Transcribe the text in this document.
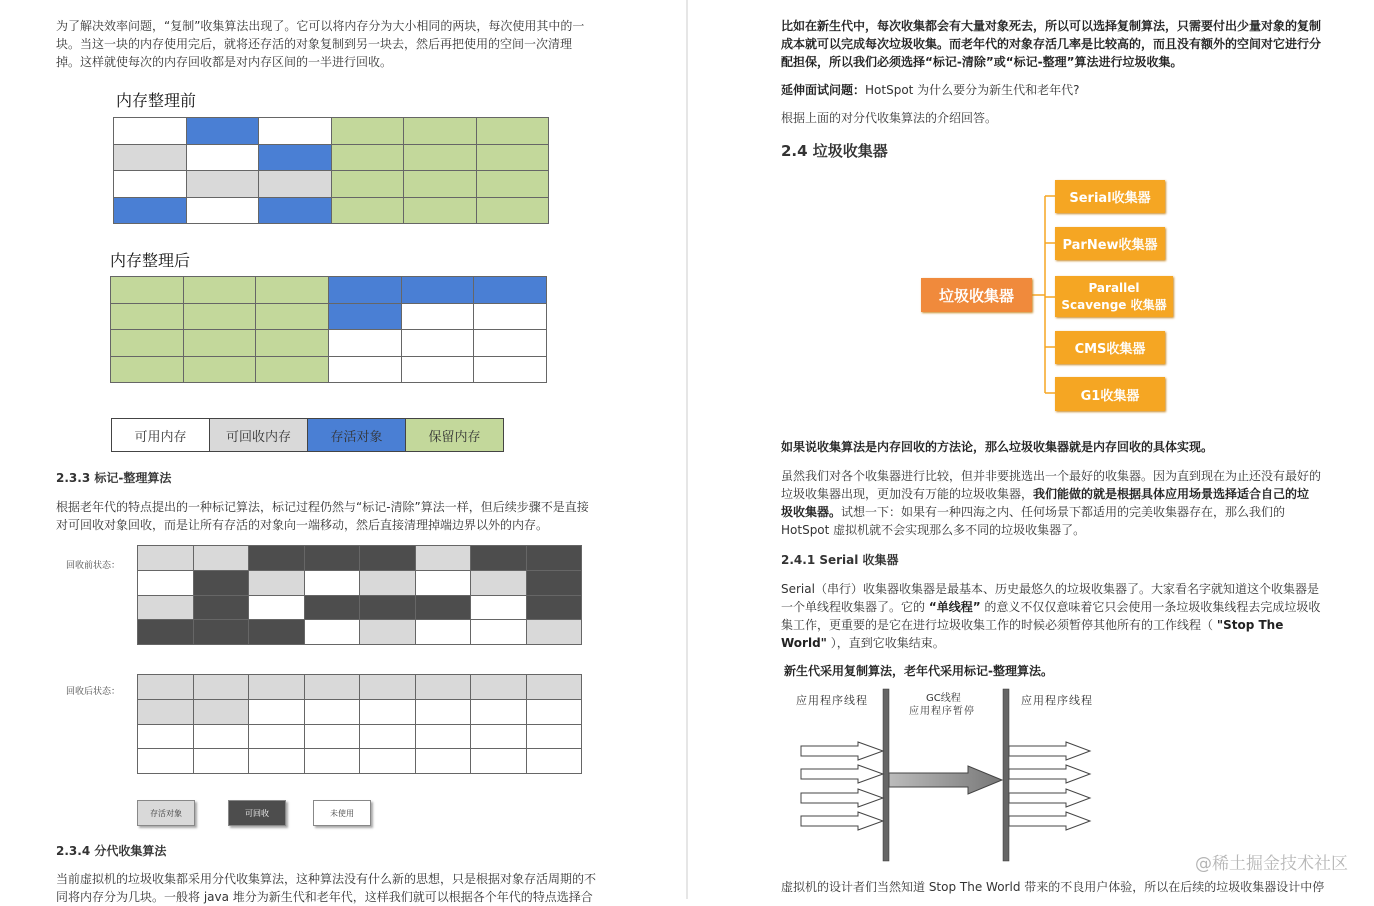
为了解决效率问题，“复制”收集算法出现了。它可以将内存分为大小相同的两块，每次使用其中的一块。当这一块的内存使用完后，就将还存活的对象复制到另一块去，然后再把使用的空间一次清理掉。这样就使每次的内存回收都是对内存区间的一半进行回收。

内存整理前

内存整理后

可用内存	可回收内存	存活对象	保留内存
2.3.3 标记-整理算法

根据老年代的特点提出的一种标记算法，标记过程仍然与“标记-清除”算法一样，但后续步骤不是直接对可回收对象回收，而是让所有存活的对象向一端移动，然后直接清理掉端边界以外的内存。

回收前状态：

回收后状态：

存活对象	可回收	未使用
2.3.4 分代收集算法

当前虚拟机的垃圾收集都采用分代收集算法，这种算法没有什么新的思想，只是根据对象存活周期的不同将内存分为几块。一般将 java 堆分为新生代和老年代，这样我们就可以根据各个年代的特点选择合

比如在新生代中，每次收集都会有大量对象死去，所以可以选择复制算法，只需要付出少量对象的复制成本就可以完成每次垃圾收集。而老年代的对象存活几率是比较高的，而且没有额外的空间对它进行分配担保，所以我们必须选择“标记-清除”或“标记-整理”算法进行垃圾收集。

延伸面试问题：HotSpot 为什么要分为新生代和老年代?

根据上面的对分代收集算法的介绍回答。

2.4 垃圾收集器
垃圾收集器
Serial收集器
ParNew收集器
Parallel Scavenge 收集器
CMS收集器
G1收集器

如果说收集算法是内存回收的方法论，那么垃圾收集器就是内存回收的具体实现。

虽然我们对各个收集器进行比较，但并非要挑选出一个最好的收集器。因为直到现在为止还没有最好的垃圾收集器出现，更加没有万能的垃圾收集器，我们能做的就是根据具体应用场景选择适合自己的垃圾收集器。试想一下：如果有一种四海之内、任何场景下都适用的完美收集器存在，那么我们的 HotSpot 虚拟机就不会实现那么多不同的垃圾收集器了。

2.4.1 Serial 收集器

Serial（串行）收集器收集器是最基本、历史最悠久的垃圾收集器了。大家看名字就知道这个收集器是一个单线程收集器了。它的 “单线程” 的意义不仅仅意味着它只会使用一条垃圾收集线程去完成垃圾收集工作，更重要的是它在进行垃圾收集工作的时候必须暂停其他所有的工作线程（ "Stop The World" ），直到它收集结束。

新生代采用复制算法，老年代采用标记-整理算法。

应用程序线程	GC线程
应用程序暂停
应用程序线程

虚拟机的设计者们当然知道 Stop The World 带来的不良用户体验，所以在后续的垃圾收集器设计中停

@稀土掘金技术社区
